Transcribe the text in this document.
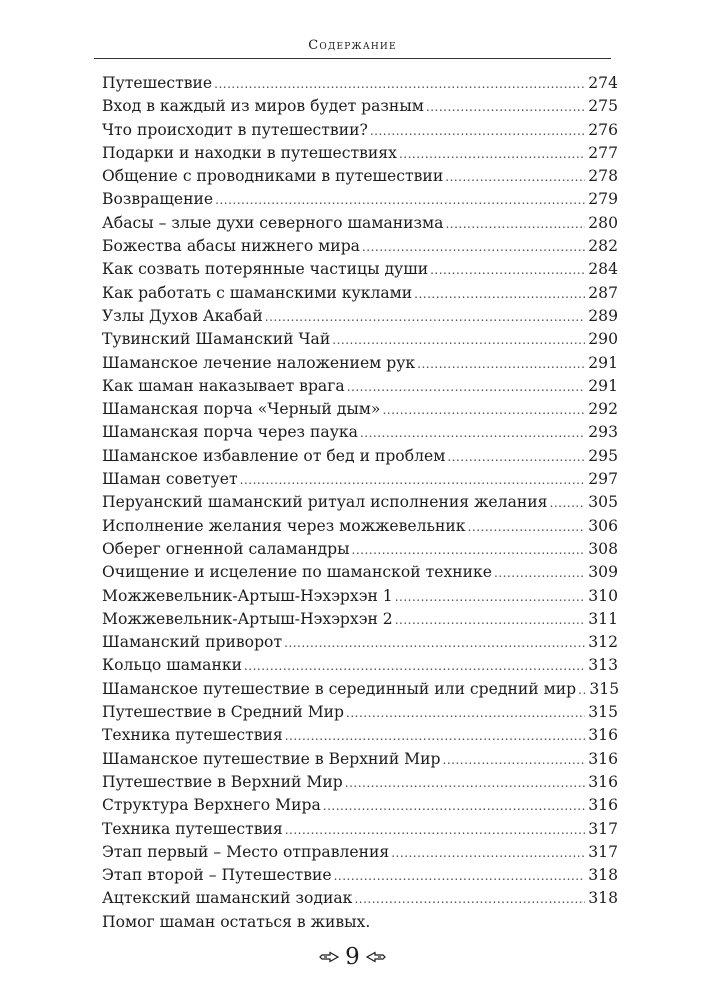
Содержание
Путешествие .....	274
Вход в каждый из миров будет разным .....	275
Что происходит в путешествии? .....	276
Подарки и находки в путешествиях .....	277
Общение с проводниками в путешествии .....	278
Возвращение .....	279
Абасы – злые духи северного шаманизма .....	280
Божества абасы нижнего мира .....	282
Как созвать потерянные частицы души .....	284
Как работать с шаманскими куклами .....	287
Узлы Духов Акабай .....	289
Тувинский Шаманский Чай .....	290
Шаманское лечение наложением рук .....	291
Как шаман наказывает врага .....	291
Шаманская порча «Черный дым» .....	292
Шаманская порча через паука .....	293
Шаманское избавление от бед и проблем .....	295
Шаман советует .....	297
Перуанский шаманский ритуал исполнения желания .....	305
Исполнение желания через можжевельник .....	306
Оберег огненной саламандры .....	308
Очищение и исцеление по шаманской технике .....	309
Можжевельник-Артыш-Нэхэрхэн 1 .....	310
Можжевельник-Артыш-Нэхэрхэн 2 .....	311
Шаманский приворот .....	312
Кольцо шаманки .....	313
Шаманское путешествие в серединный или средний мир ..... 315
Путешествие в Средний Мир .....	315
Техника путешествия .....	316
Шаманское путешествие в Верхний Мир .....	316
Путешествие в Верхний Мир .....	316
Структура Верхнего Мира .....	316
Техника путешествия .....	317
Этап первый – Место отправления .....	317
Этап второй – Путешествие .....	318
Ацтекский шаманский зодиак .....	318
Помог шаман остаться в живых.
9
